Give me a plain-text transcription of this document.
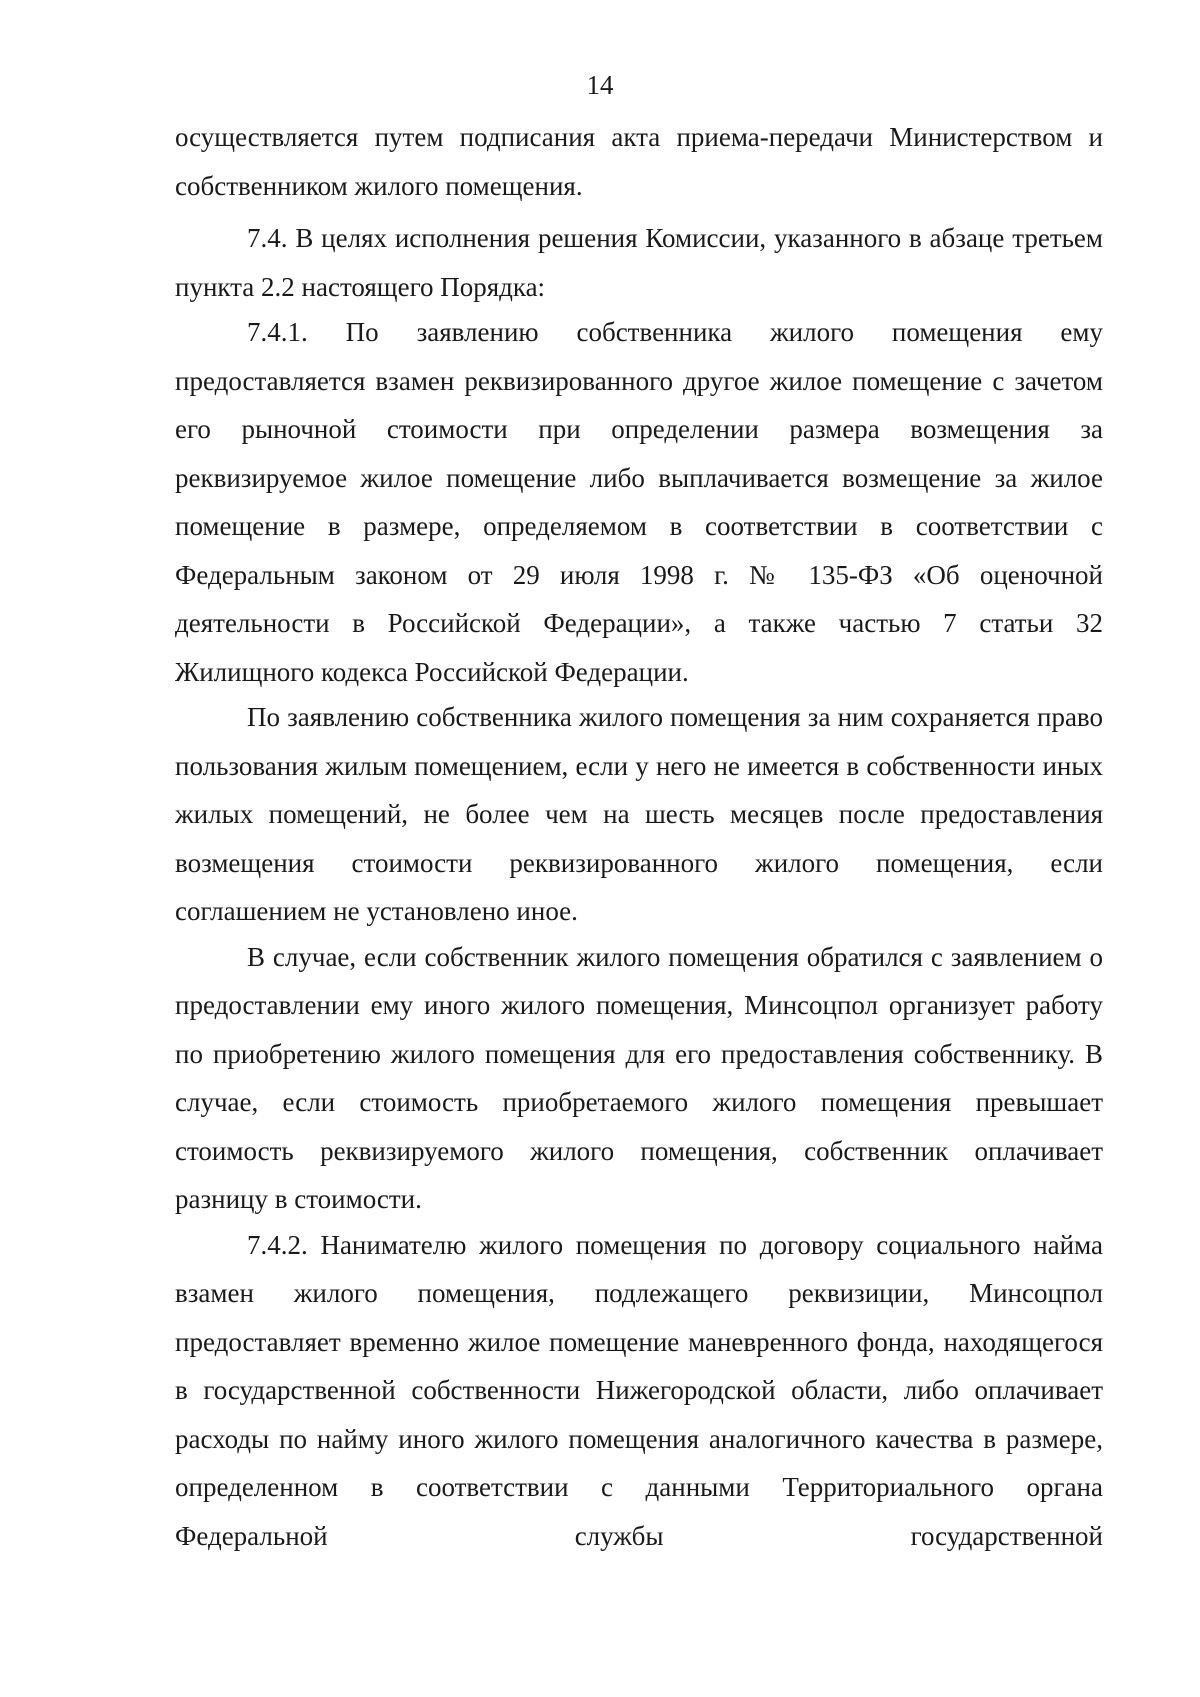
14

осуществляется путем подписания акта приема-передачи Министерством и собственником жилого помещения.

7.4. В целях исполнения решения Комиссии, указанного в абзаце третьем пункта 2.2 настоящего Порядка:

7.4.1. По заявлению собственника жилого помещения ему предоставляется взамен реквизированного другое жилое помещение с зачетом его рыночной стоимости при определении размера возмещения за реквизируемое жилое помещение либо выплачивается возмещение за жилое помещение в размере, определяемом в соответствии в соответствии с Федеральным законом от 29 июля 1998 г. № 135-ФЗ «Об оценочной деятельности в Российской Федерации», а также частью 7 статьи 32 Жилищного кодекса Российской Федерации.

По заявлению собственника жилого помещения за ним сохраняется право пользования жилым помещением, если у него не имеется в собственности иных жилых помещений, не более чем на шесть месяцев после предоставления возмещения стоимости реквизированного жилого помещения, если соглашением не установлено иное.

В случае, если собственник жилого помещения обратился с заявлением о предоставлении ему иного жилого помещения, Минсоцпол организует работу по приобретению жилого помещения для его предоставления собственнику. В случае, если стоимость приобретаемого жилого помещения превышает стоимость реквизируемого жилого помещения, собственник оплачивает разницу в стоимости.

7.4.2. Нанимателю жилого помещения по договору социального найма взамен жилого помещения, подлежащего реквизиции, Минсоцпол предоставляет временно жилое помещение маневренного фонда, находящегося в государственной собственности Нижегородской области, либо оплачивает расходы по найму иного жилого помещения аналогичного качества в размере, определенном в соответствии с данными Территориального органа Федеральной службы государственной
